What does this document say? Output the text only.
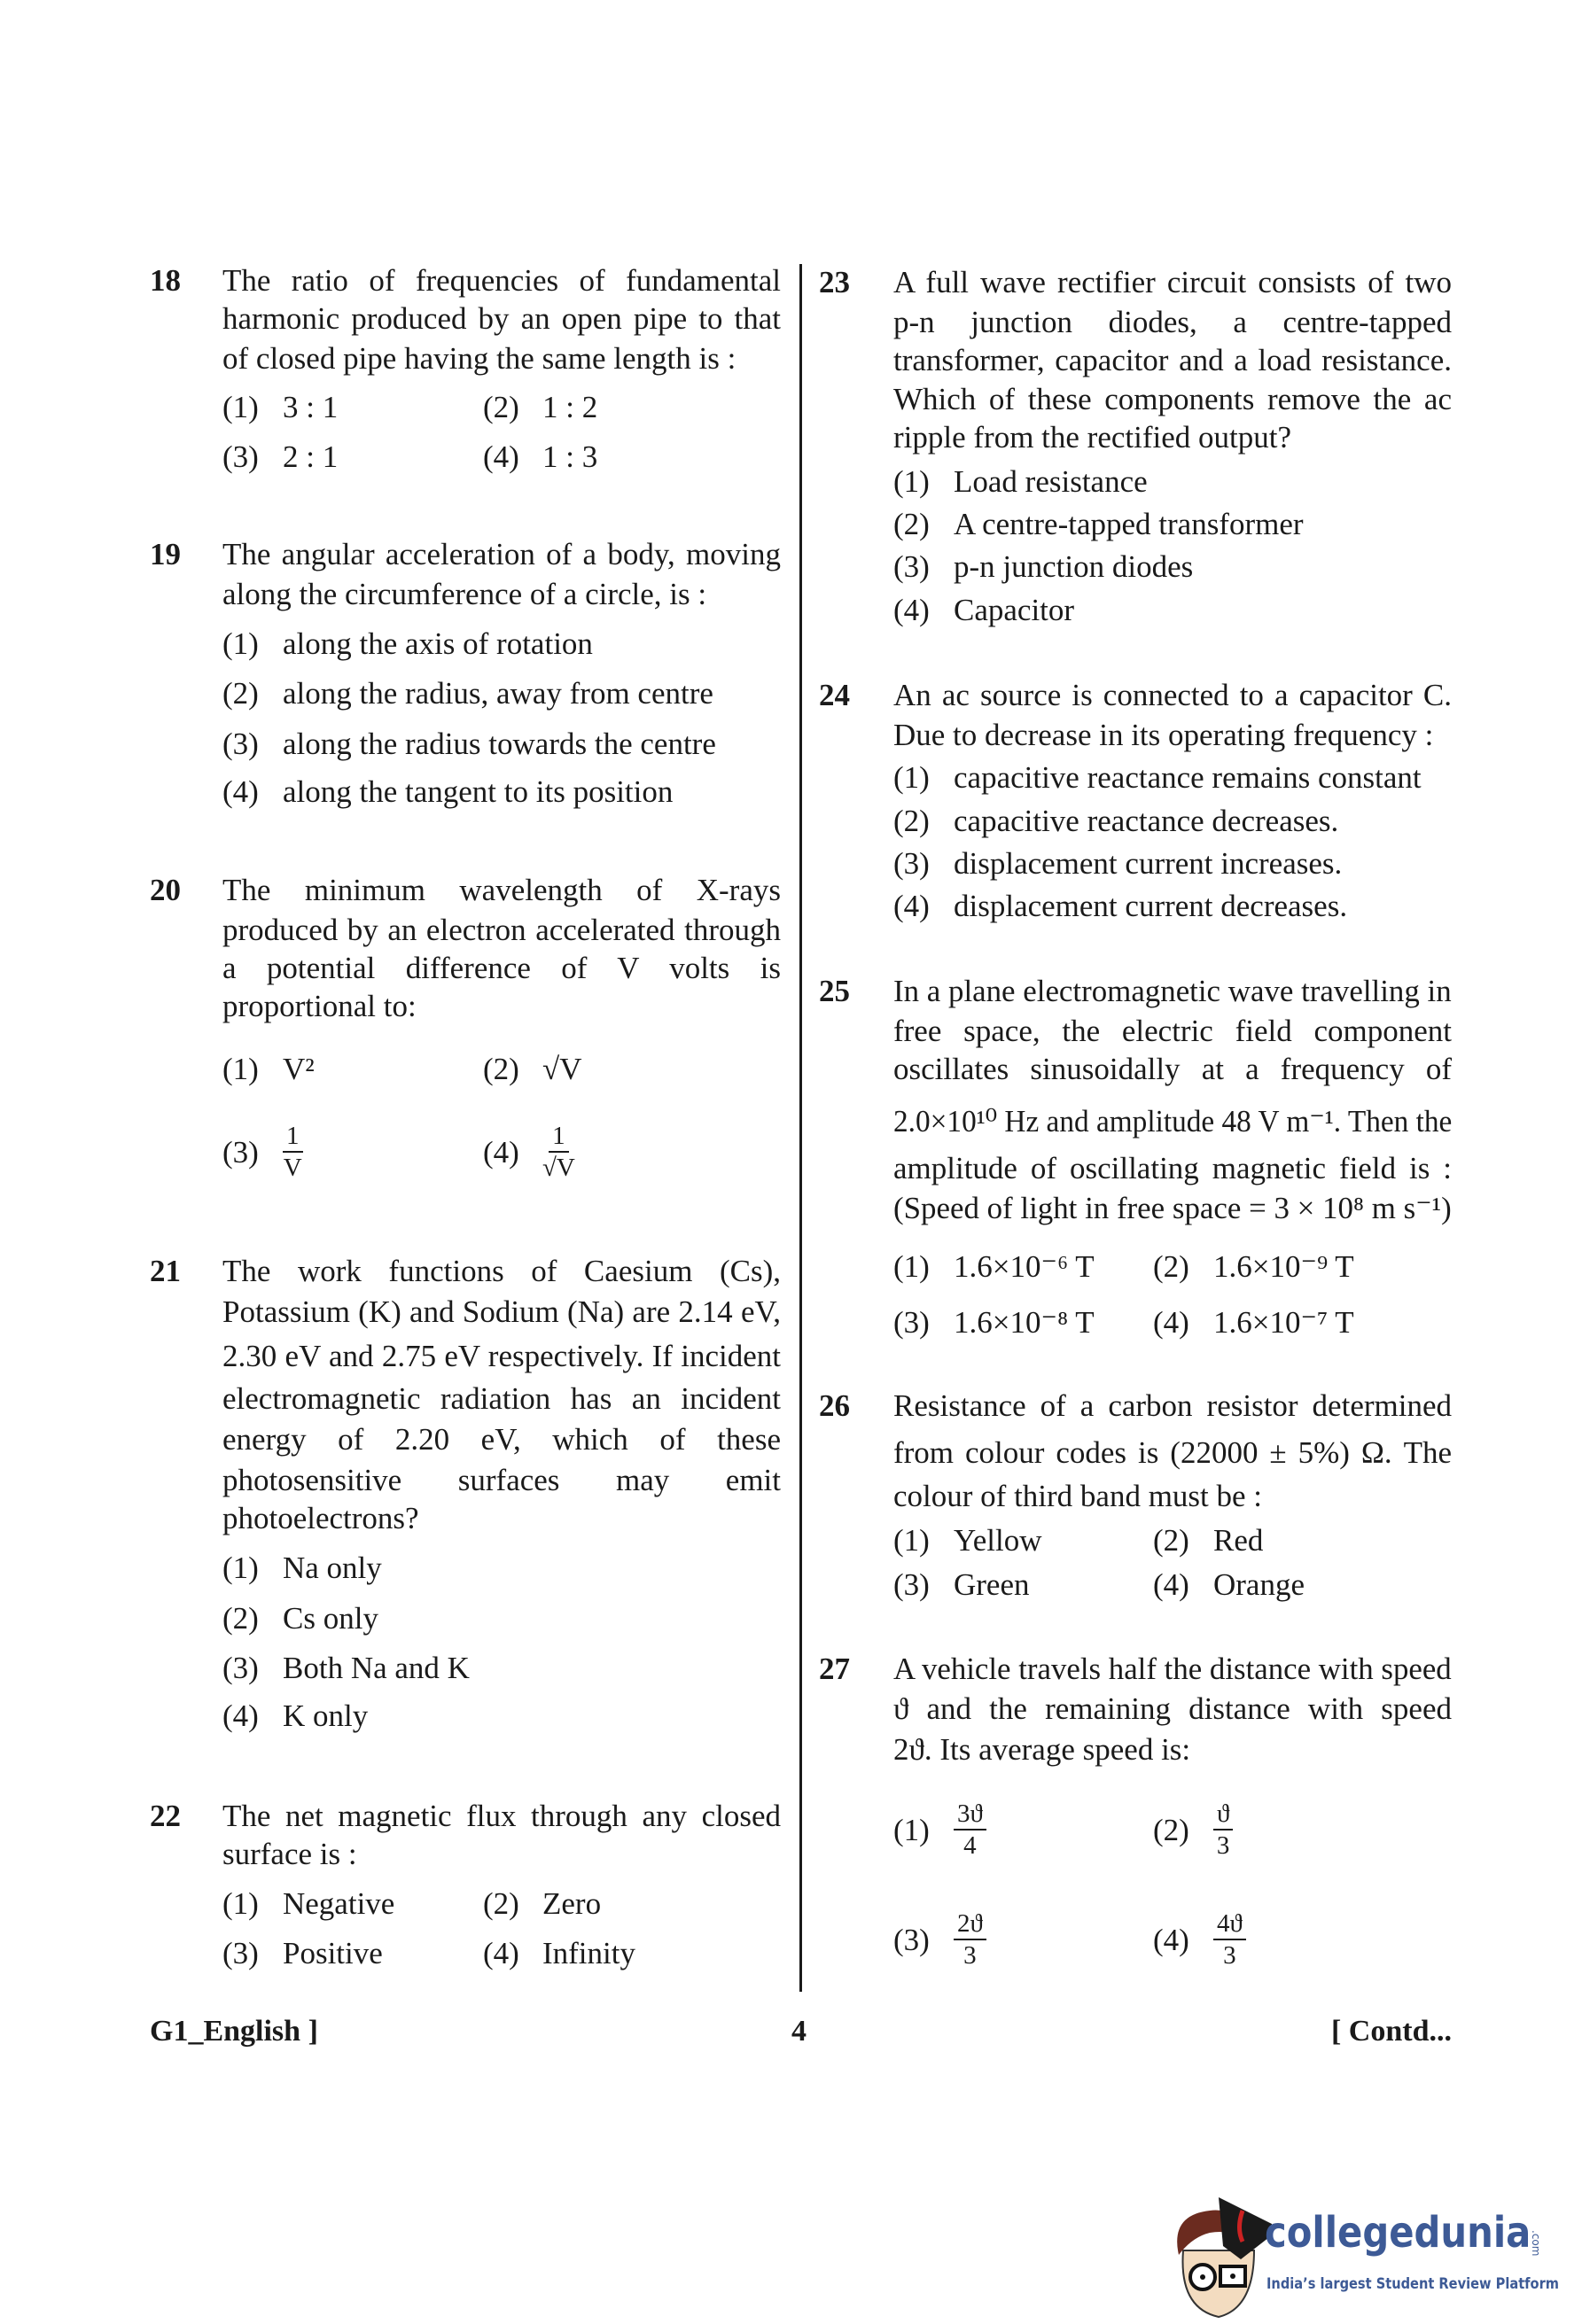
18 The ratio of frequencies of fundamental
harmonic produced by an open pipe to that
of closed pipe having the same length is :
(1) 3 : 1	(2) 1 : 2
(3) 2 : 1	(4) 1 : 3
19 The angular acceleration of a body, moving
along the circumference of a circle, is :
(1) along the axis of rotation
(2) along the radius, away from centre
(3) along the radius towards the centre
(4) along the tangent to its position
20 The minimum wavelength of X-rays
produced by an electron accelerated through
a potential difference of V volts is
proportional to:
(1) V²	(2) √V
$(3) \frac{1}{V}$	$(4) \frac{1}{√V}$
21 The work functions of Caesium (Cs),
Potassium (K) and Sodium (Na) are 2.14 eV,
2.30 eV and 2.75 eV respectively. If incident
electromagnetic radiation has an incident
energy of 2.20 eV, which of these
photosensitive surfaces may emit
photoelectrons?
(1) Na only
(2) Cs only
(3) Both Na and K
(4) K only
22 The net magnetic flux through any closed
surface is :
(1) Negative	(2) Zero
(3) Positive	(4) Infinity
23 A full wave rectifier circuit consists of two
p-n junction diodes, a centre-tapped
transformer, capacitor and a load resistance.
Which of these components remove the ac
ripple from the rectified output?
(1) Load resistance
(2) A centre-tapped transformer
(3) p-n junction diodes
(4) Capacitor
24 An ac source is connected to a capacitor C.
Due to decrease in its operating frequency :
(1) capacitive reactance remains constant
(2) capacitive reactance decreases.
(3) displacement current increases.
(4) displacement current decreases.
25 In a plane electromagnetic wave travelling in
free space, the electric field component
oscillates sinusoidally at a frequency of
2.0×10¹⁰ Hz and amplitude 48 V m⁻¹. Then the
amplitude of oscillating magnetic field is :
(Speed of light in free space = 3 × 10⁸ m s⁻¹)
(1) 1.6×10⁻⁶ T (2) 1.6×10⁻⁹ T
(3) 1.6×10⁻⁸ T (4) 1.6×10⁻⁷ T
26 Resistance of a carbon resistor determined
from colour codes is (22000 ± 5%) Ω. The
colour of third band must be :
(1) Yellow	(2) Red
(3) Green	(4) Orange
27 A vehicle travels half the distance with speed
ϑ and the remaining distance with speed
2ϑ. Its average speed is:
$(1) \frac{3ϑ}{4}$	$(2) \frac{ϑ}{3}$
$(3) \frac{2ϑ}{3}$	$(4) \frac{4ϑ}{3}$
G1_English ]	4	[ Contd...
collegedunia
.com
India’s largest Student Review Platform
